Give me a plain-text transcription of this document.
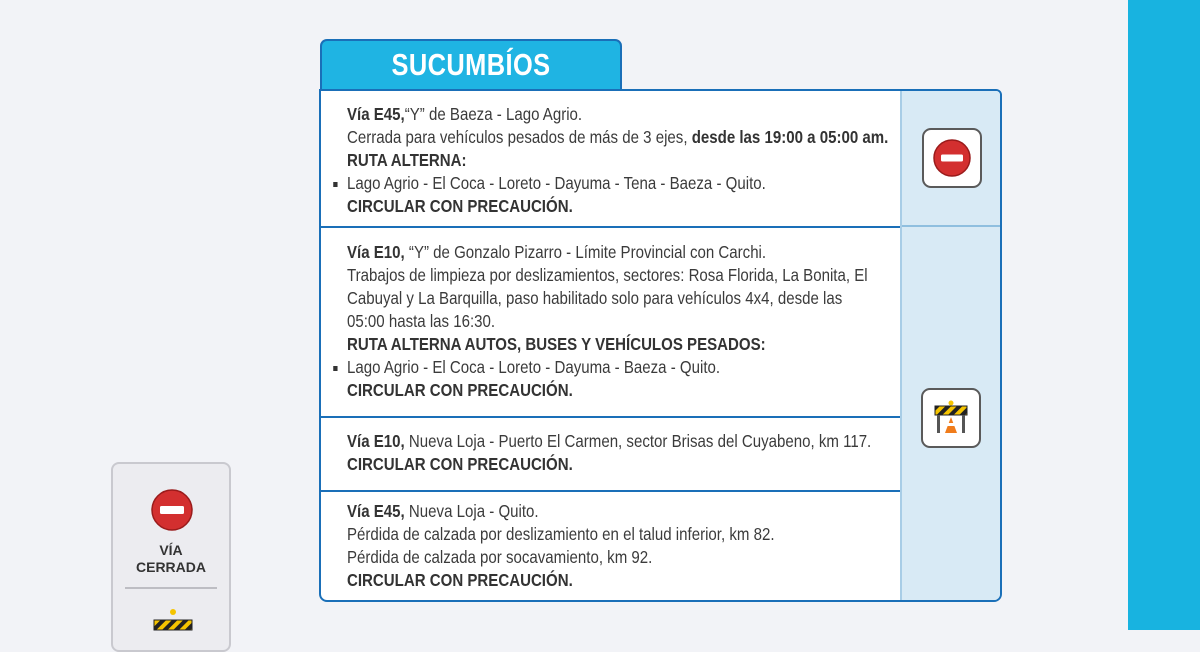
SUCUMBÍOS
Vía E45,“Y” de Baeza - Lago Agrio.
Cerrada para vehículos pesados de más de 3 ejes, desde las 19:00 a 05:00 am.
RUTA ALTERNA:
Lago Agrio - El Coca - Loreto - Dayuma - Tena - Baeza - Quito.
CIRCULAR CON PRECAUCIÓN.
Vía E10, “Y” de Gonzalo Pizarro - Límite Provincial con Carchi.
Trabajos de limpieza por deslizamientos, sectores: Rosa Florida, La Bonita, El
Cabuyal y La Barquilla, paso habilitado solo para vehículos 4x4, desde las
05:00 hasta las 16:30.
RUTA ALTERNA AUTOS, BUSES Y VEHÍCULOS PESADOS:
Lago Agrio - El Coca - Loreto - Dayuma - Baeza - Quito.
CIRCULAR CON PRECAUCIÓN.
Vía E10, Nueva Loja - Puerto El Carmen, sector Brisas del Cuyabeno, km 117.
CIRCULAR CON PRECAUCIÓN.
Vía E45, Nueva Loja - Quito.
Pérdida de calzada por deslizamiento en el talud inferior, km 82.
Pérdida de calzada por socavamiento, km 92.
CIRCULAR CON PRECAUCIÓN.
VÍA
CERRADA
